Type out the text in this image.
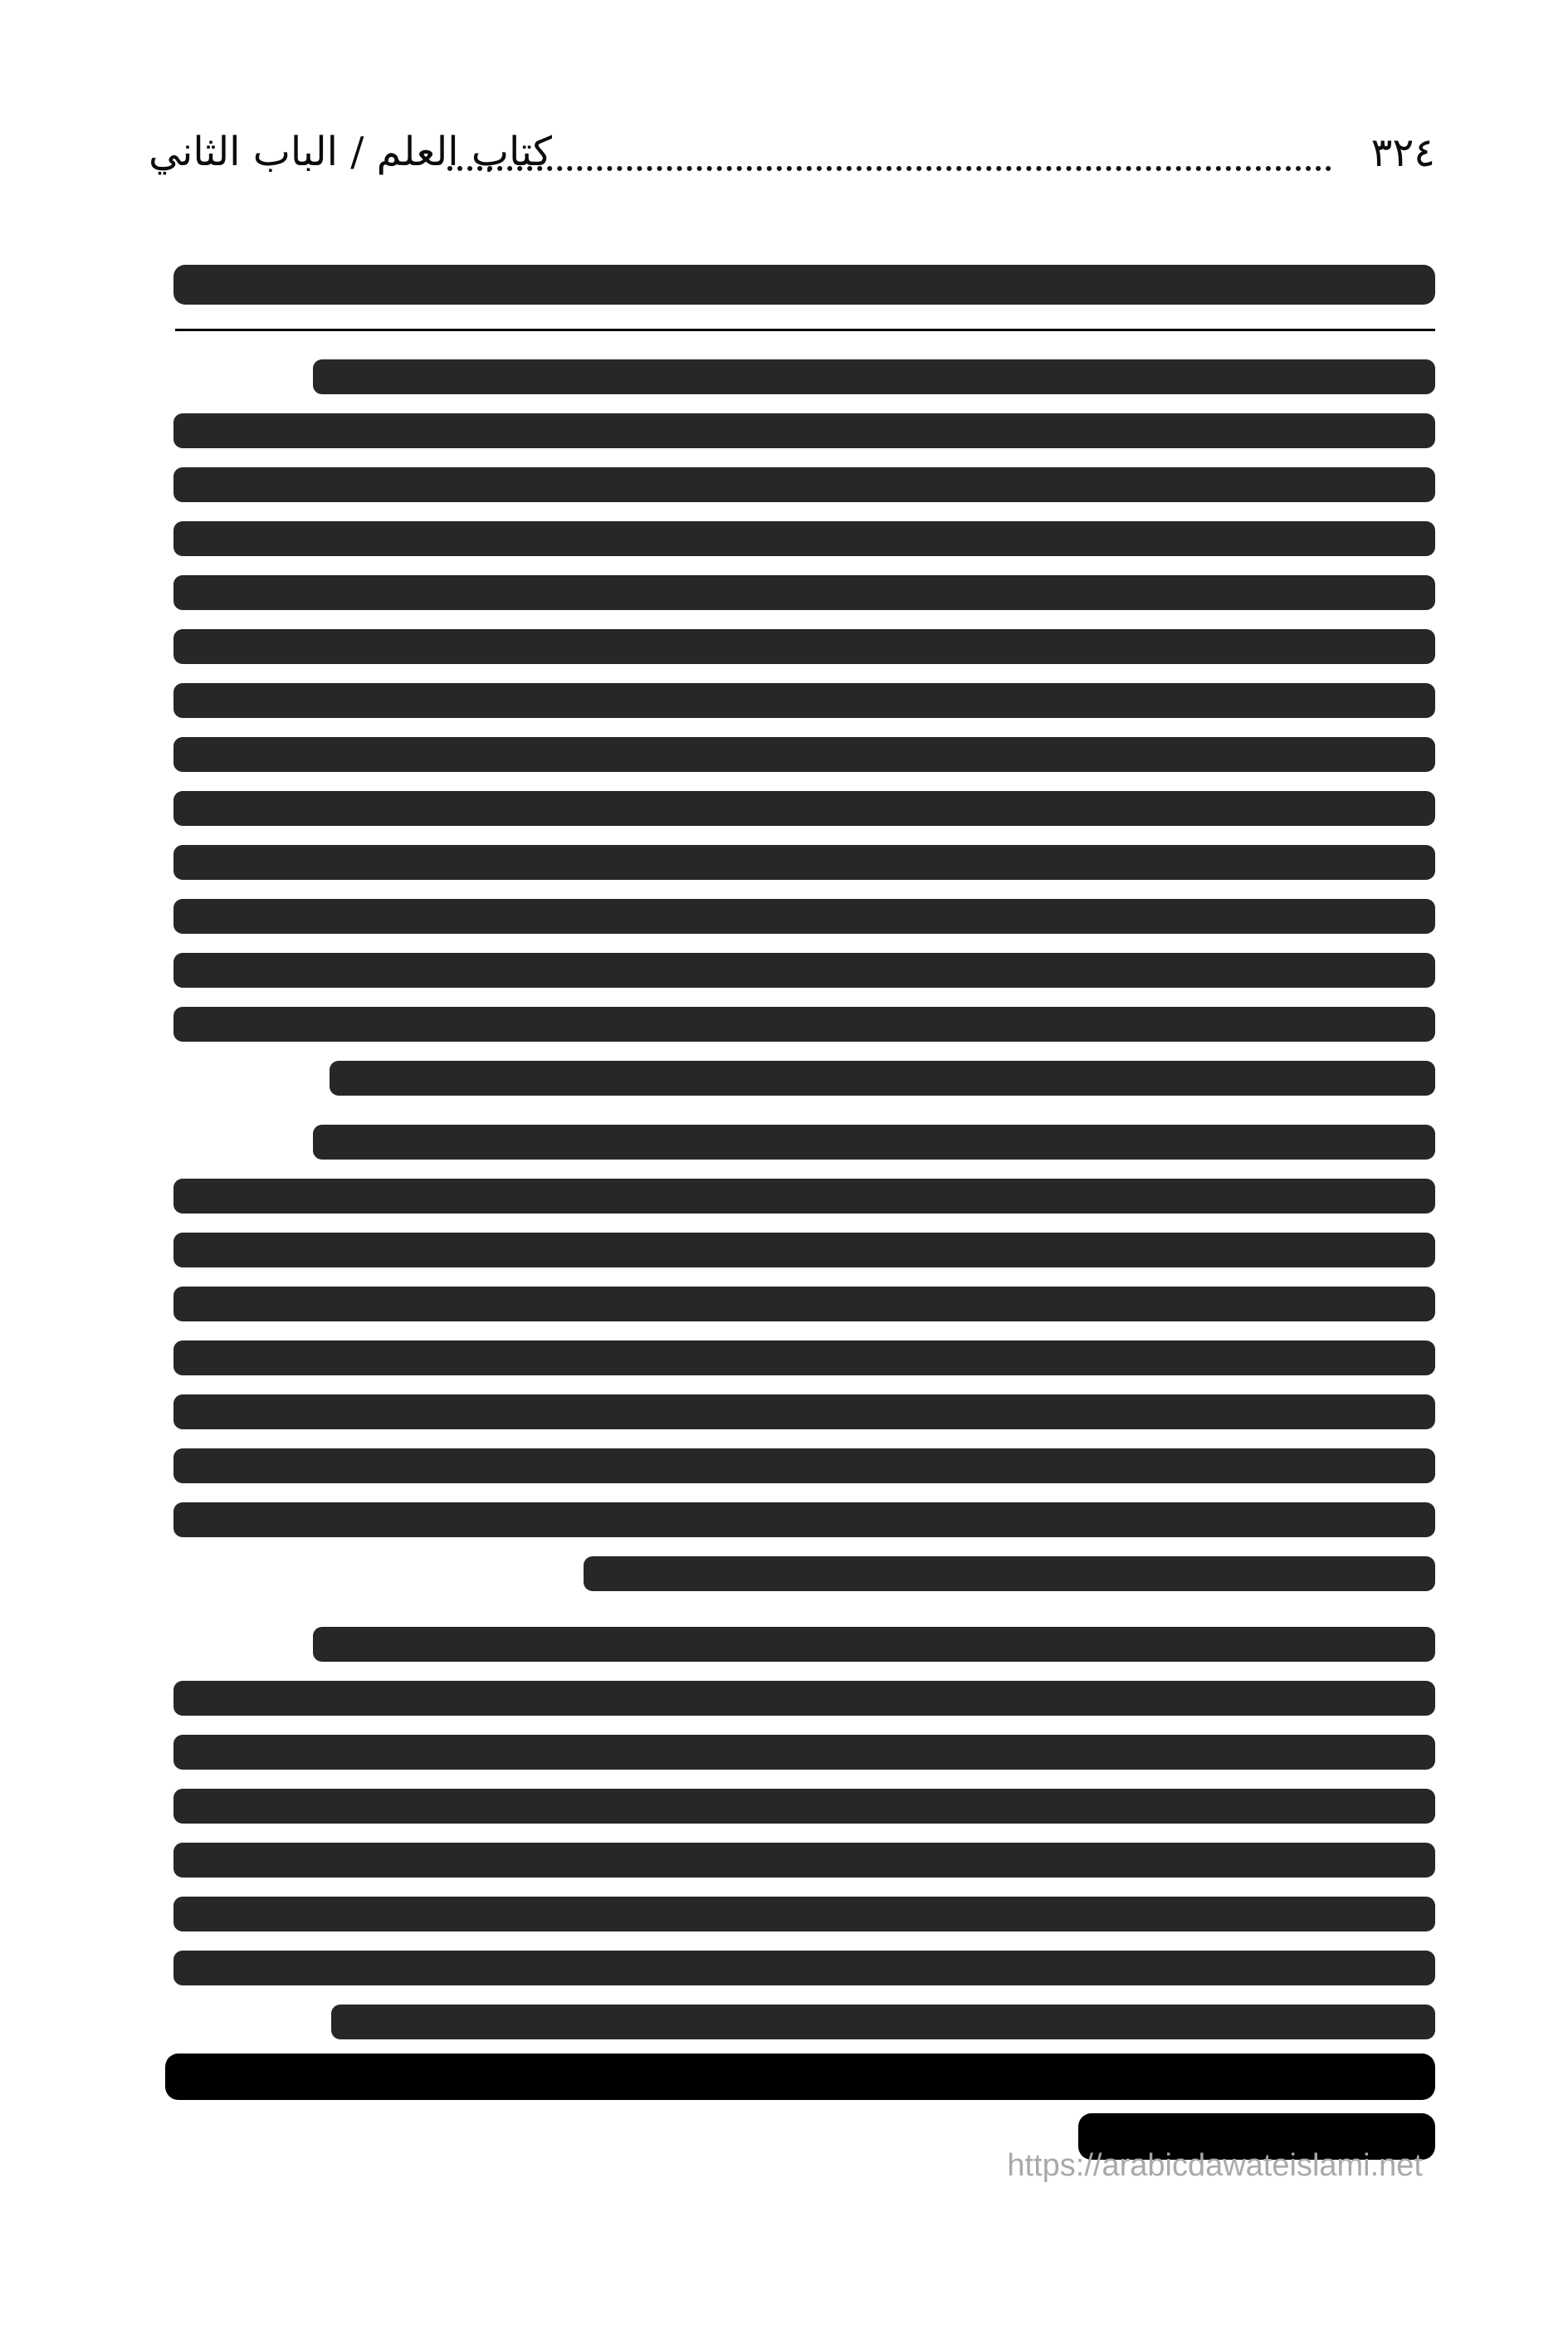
٣٢٤
كتاب العلم / الباب الثاني
https://arabicdawateislami.net
